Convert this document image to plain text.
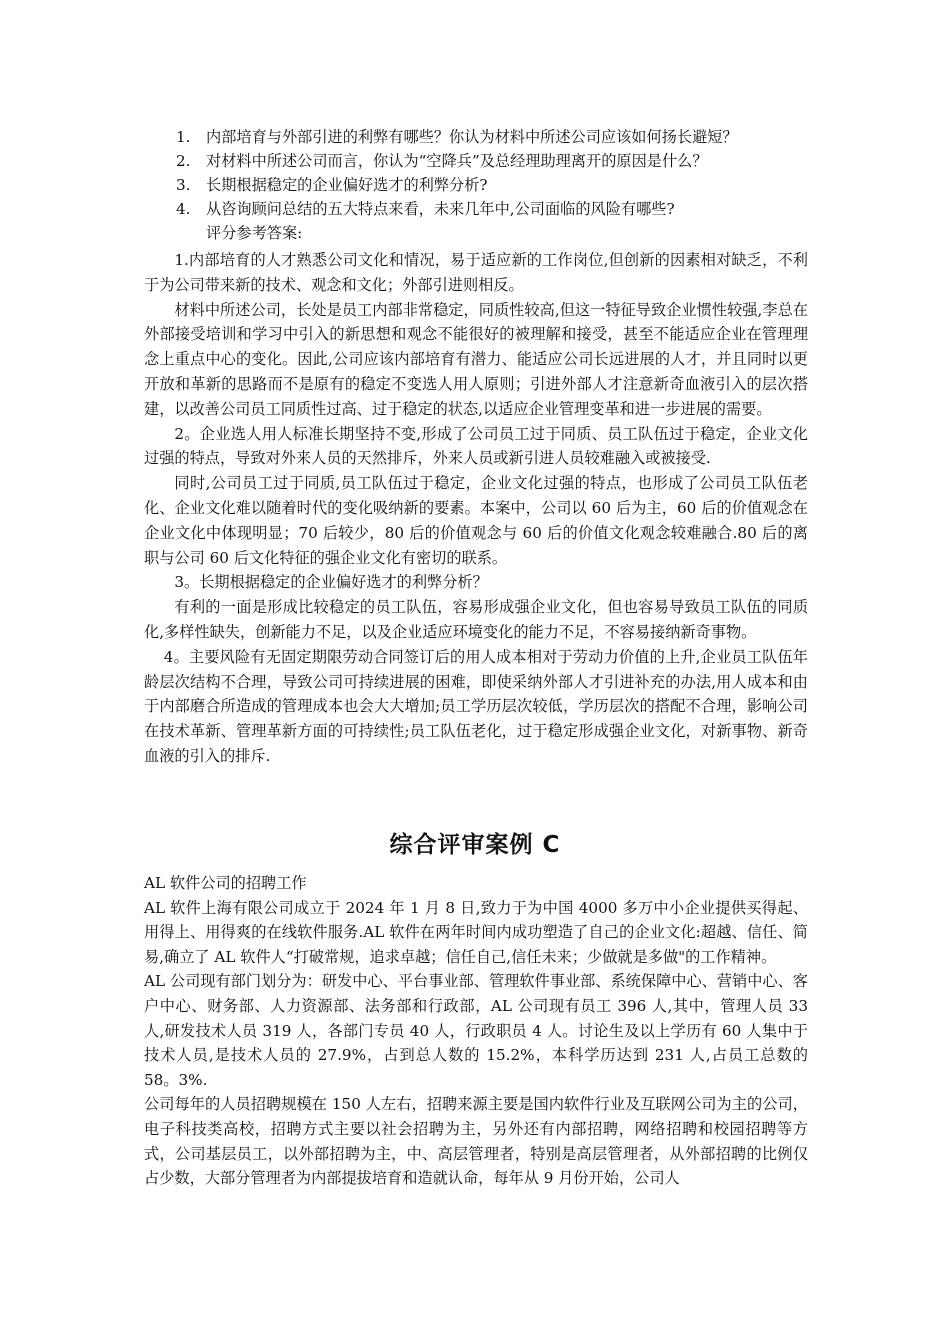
1. 内部培育与外部引进的利弊有哪些？你认为材料中所述公司应该如何扬长避短？
2. 对材料中所述公司而言，你认为“空降兵”及总经理助理离开的原因是什么？
3. 长期根据稳定的企业偏好选才的利弊分析?
4. 从咨询顾问总结的五大特点来看，未来几年中,公司面临的风险有哪些?
评分参考答案:

1.内部培育的人才熟悉公司文化和情况，易于适应新的工作岗位,但创新的因素相对缺乏，不利于为公司带来新的技术、观念和文化；外部引进则相反。

材料中所述公司，长处是员工内部非常稳定，同质性较高,但这一特征导致企业惯性较强,李总在外部接受培训和学习中引入的新思想和观念不能很好的被理解和接受，甚至不能适应企业在管理理念上重点中心的变化。因此,公司应该内部培育有潜力、能适应公司长远进展的人才，并且同时以更开放和革新的思路而不是原有的稳定不变选人用人原则；引进外部人才注意新奇血液引入的层次搭建，以改善公司员工同质性过高、过于稳定的状态,以适应企业管理变革和进一步进展的需要。

2。企业选人用人标准长期坚持不变,形成了公司员工过于同质、员工队伍过于稳定，企业文化过强的特点，导致对外来人员的天然排斥，外来人员或新引进人员较难融入或被接受.

同时,公司员工过于同质,员工队伍过于稳定，企业文化过强的特点，也形成了公司员工队伍老化、企业文化难以随着时代的变化吸纳新的要素。本案中，公司以 60 后为主，60 后的价值观念在企业文化中体现明显；70 后较少，80 后的价值观念与 60 后的价值文化观念较难融合.80 后的离职与公司 60 后文化特征的强企业文化有密切的联系。

3。长期根据稳定的企业偏好选才的利弊分析？

有利的一面是形成比较稳定的员工队伍，容易形成强企业文化，但也容易导致员工队伍的同质化,多样性缺失，创新能力不足，以及企业适应环境变化的能力不足，不容易接纳新奇事物。

4。主要风险有无固定期限劳动合同签订后的用人成本相对于劳动力价值的上升,企业员工队伍年龄层次结构不合理，导致公司可持续进展的困难，即使采纳外部人才引进补充的办法,用人成本和由于内部磨合所造成的管理成本也会大大增加;员工学历层次较低，学历层次的搭配不合理，影响公司在技术革新、管理革新方面的可持续性;员工队伍老化，过于稳定形成强企业文化，对新事物、新奇血液的引入的排斥.

综合评审案例 C

AL 软件公司的招聘工作

AL 软件上海有限公司成立于 2024 年 1 月 8 日,致力于为中国 4000 多万中小企业提供买得起、用得上、用得爽的在线软件服务.AL 软件在两年时间内成功塑造了自己的企业文化:超越、信任、简易,确立了 AL 软件人“打破常规，追求卓越；信任自己,信任未来；少做就是多做"的工作精神。

AL 公司现有部门划分为：研发中心、平台事业部、管理软件事业部、系统保障中心、营销中心、客户中心、财务部、人力资源部、法务部和行政部，AL 公司现有员工 396 人,其中，管理人员 33 人,研发技术人员 319 人，各部门专员 40 人，行政职员 4 人。讨论生及以上学历有 60 人集中于技术人员,是技术人员的 27.9%，占到总人数的 15.2%，本科学历达到 231 人,占员工总数的 58。3%.

公司每年的人员招聘规模在 150 人左右，招聘来源主要是国内软件行业及互联网公司为主的公司，电子科技类高校，招聘方式主要以社会招聘为主，另外还有内部招聘，网络招聘和校园招聘等方式，公司基层员工，以外部招聘为主，中、高层管理者，特别是高层管理者，从外部招聘的比例仅占少数，大部分管理者为内部提拔培育和造就认命，每年从 9 月份开始，公司人
